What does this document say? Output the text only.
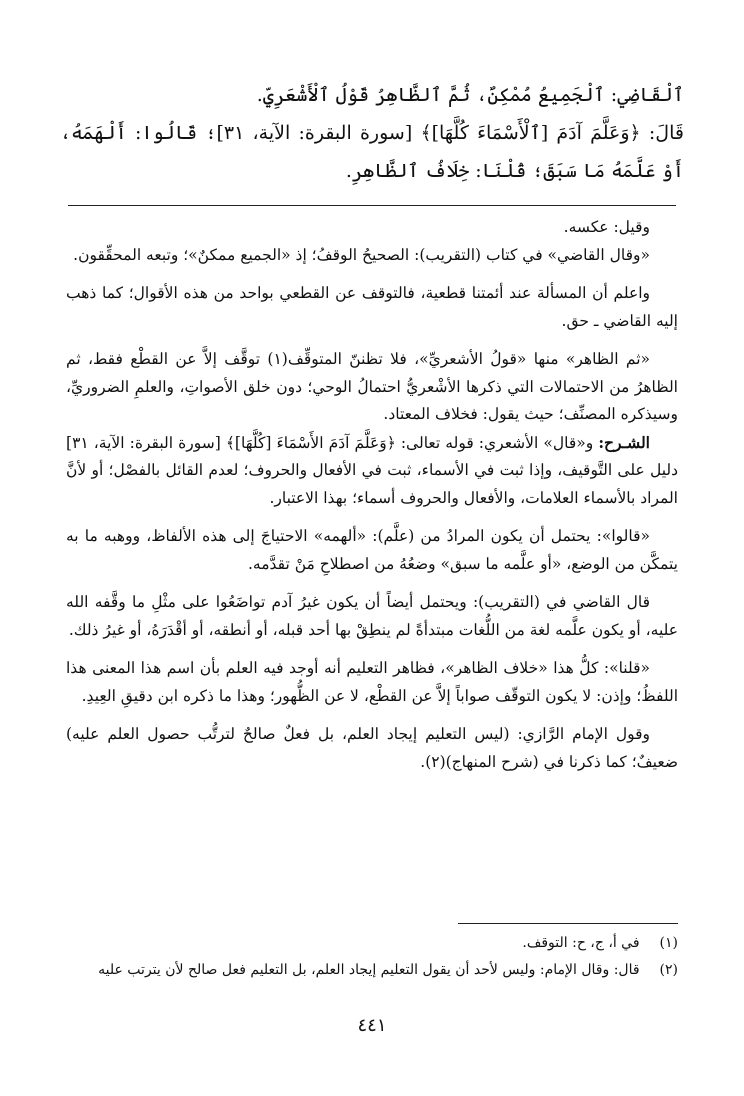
ٱلْقَاضِي: ٱلْجَمِيعُ مُمْكِنٌ، ثُمَّ ٱلظَّاهِرُ قَوْلُ ٱلْأَشْعَرِيِّ.

قَالَ: ﴿وَعَلَّمَ آدَمَ [ٱلْأَسْمَاءَ كُلَّهَا]﴾ [سورة البقرة: الآية، ٣١]؛ قَالُوا: أَلْهَمَهُ، أَوْ عَلَّمَهُ مَا سَبَقَ؛ قُلْنَا: خِلَافُ ٱلظَّاهِرِ.

وقيل: عكسه.

«وقال القاضي» في كتاب (التقريب): الصحيحُ الوقفُ؛ إذ «الجميع ممكنٌ»؛ وتبعه المحقِّقون.

واعلم أن المسألة عند أئمتنا قطعية، فالتوقف عن القطعي بواحد من هذه الأقوال؛ كما ذهب إليه القاضي ـ حق.

«ثم الظاهر» منها «قولُ الأشعريِّ»، فلا تظننّ المتوقِّف(١) توقَّف إلاَّ عن القطْع فقط، ثم الظاهرُ من الاحتمالات التي ذكرها الأشْعريُّ احتمالُ الوحي؛ دون خلق الأصواتِ، والعلمِ الضروريِّ، وسيذكره المصنِّف؛ حيث يقول: فخلاف المعتاد.

الشـرح: و«قال» الأشعري: قوله تعالى: ﴿وَعَلَّمَ آدَمَ الأَسْمَاءَ [كُلَّهَا]﴾ [سورة البقرة: الآية، ٣١] دليل على التَّوقيف، وإذا ثبت في الأسماء، ثبت في الأفعال والحروف؛ لعدم القائل بالفصْل؛ أو لأنَّ المراد بالأسماء العلامات، والأفعال والحروف أسماء؛ بهذا الاعتبار.

«قالوا»: يحتمل أن يكون المرادُ من (علَّم): «ألهمه» الاحتياجَ إلى هذه الألفاظ، ووهبه ما به يتمكَّن من الوضع، «أو علَّمه ما سبق» وضعُهُ من اصطلاحِ مَنْ تقدَّمه.

قال القاضي في (التقريب): ويحتمل أيضاً أن يكون غيرُ آدم تواضَعُوا على مثْلِ ما وقَّفه الله عليه، أو يكون علَّمه لغة من اللُّغات مبتدأةً لم ينطِقْ بها أحد قبله، أو أنطقه، أو أقْدَرَهُ، أو غيرُ ذلك.

«قلنا»: كلُّ هذا «خلاف الظاهر»، فظاهر التعليم أنه أوجد فيه العلم بأن اسم هذا المعنى هذا اللفظُ؛ وإذن: لا يكون التوقّف صواباً إلاَّ عن القطْع، لا عن الظُّهور؛ وهذا ما ذكره ابن دقيقِ العِيدِ.

وقول الإمام الرَّازي: (ليس التعليم إيجاد العلم، بل فعلٌ صالحٌ لترتُّب حصول العلم عليه) ضعيفٌ؛ كما ذكرنا في (شرح المنهاج)(٢).

(١) في أ، ج، ح: التوقف.
(٢) قال: وقال الإمام: وليس لأحد أن يقول التعليم إيجاد العلم، بل التعليم فعل صالح لأن يترتب عليه
٤٤١
